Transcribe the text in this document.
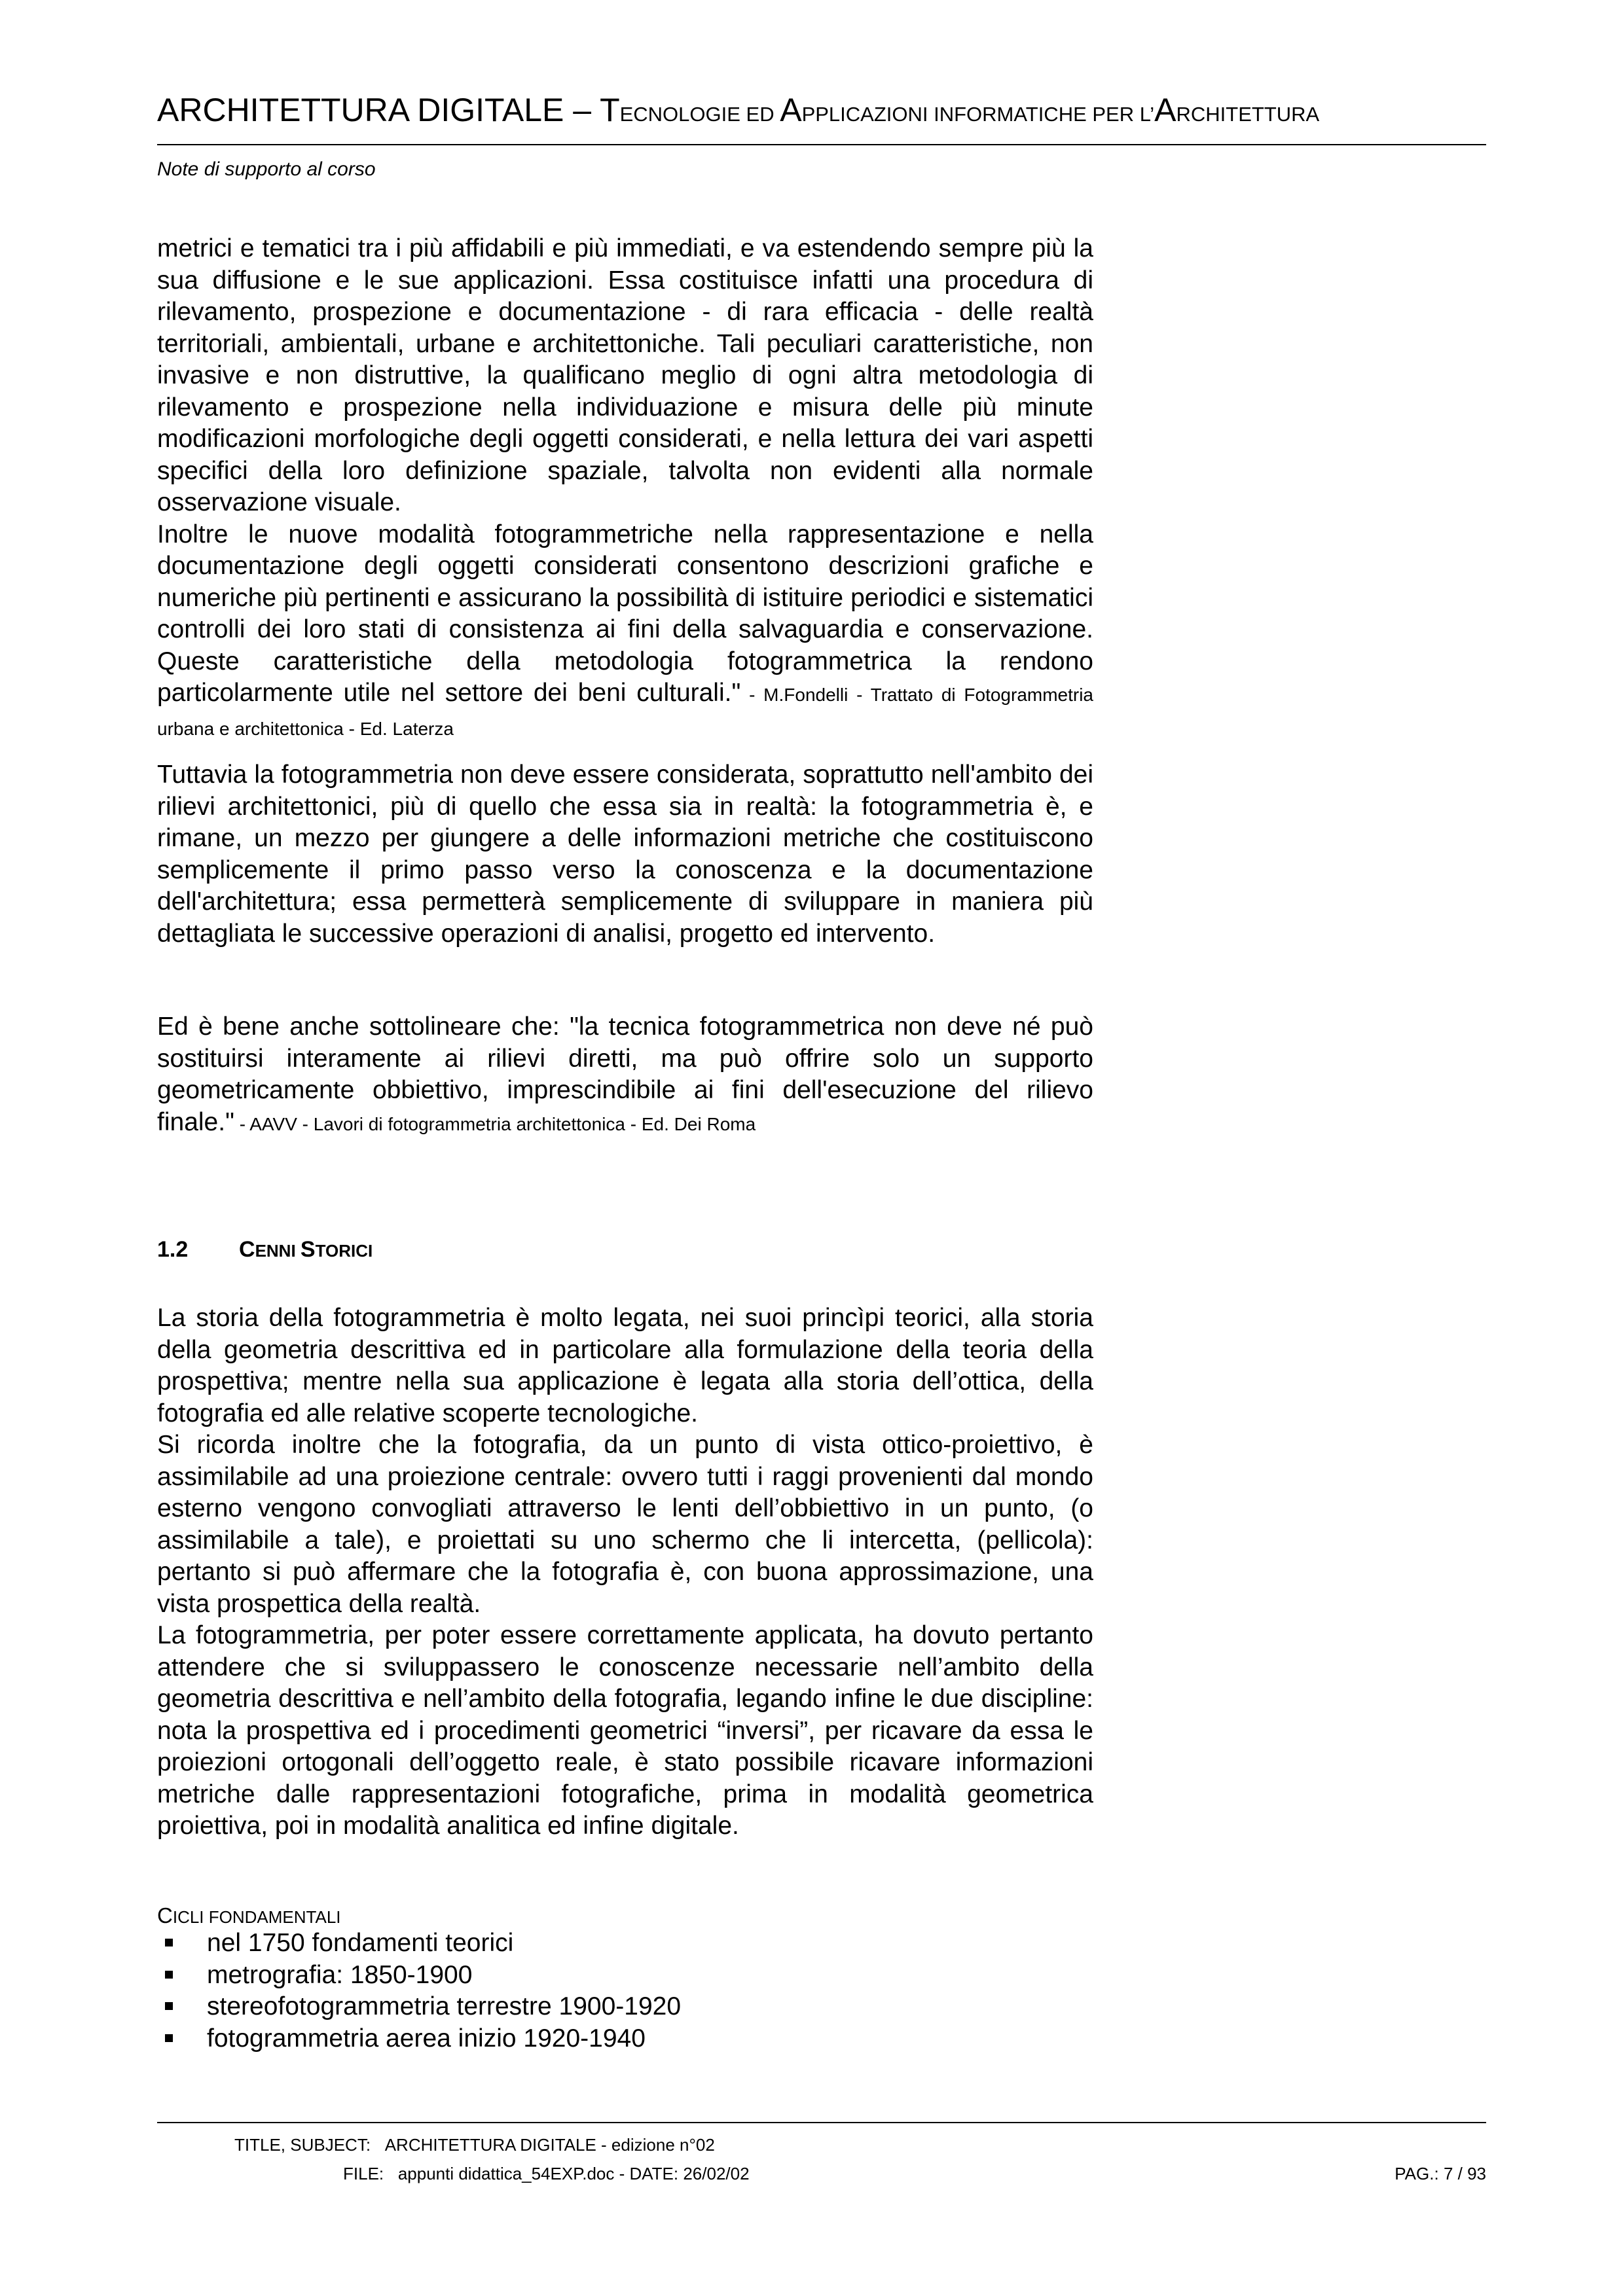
ARCHITETTURA DIGITALE – TECNOLOGIE ED APPLICAZIONI INFORMATICHE PER L’ARCHITETTURA
Note di supporto al corso

metrici e tematici tra i più affidabili e più immediati, e va estendendo sempre più la sua diffusione e le sue applicazioni. Essa costituisce infatti una procedura di rilevamento, prospezione e documentazione - di rara efficacia - delle realtà territoriali, ambientali, urbane e architettoniche. Tali peculiari caratteristiche, non invasive e non distruttive, la qualificano meglio di ogni altra metodologia di rilevamento e prospezione nella individuazione e misura delle più minute modificazioni morfologiche degli oggetti considerati, e nella lettura dei vari aspetti specifici della loro definizione spaziale, talvolta non evidenti alla normale osservazione visuale.

Inoltre le nuove modalità fotogrammetriche nella rappresentazione e nella documentazione degli oggetti considerati consentono descrizioni grafiche e numeriche più pertinenti e assicurano la possibilità di istituire periodici e sistematici controlli dei loro stati di consistenza ai fini della salvaguardia e conservazione. Queste caratteristiche della metodologia fotogrammetrica la rendono particolarmente utile nel settore dei beni culturali." - M.Fondelli - Trattato di Fotogrammetria urbana e architettonica - Ed. Laterza

Tuttavia la fotogrammetria non deve essere considerata, soprattutto nell'ambito dei rilievi architettonici, più di quello che essa sia in realtà: la fotogrammetria è, e rimane, un mezzo per giungere a delle informazioni metriche che costituiscono semplicemente il primo passo verso la conoscenza e la documentazione dell'architettura; essa permetterà semplicemente di sviluppare in maniera più dettagliata le successive operazioni di analisi, progetto ed intervento.

Ed è bene anche sottolineare che: "la tecnica fotogrammetrica non deve né può sostituirsi interamente ai rilievi diretti, ma può offrire solo un supporto geometricamente obbiettivo, imprescindibile ai fini dell'esecuzione del rilievo finale." - AAVV - Lavori di fotogrammetria architettonica - Ed. Dei Roma

1.2 CENNI STORICI

La storia della fotogrammetria è molto legata, nei suoi princìpi teorici, alla storia della geometria descrittiva ed in particolare alla formulazione della teoria della prospettiva; mentre nella sua applicazione è legata alla storia dell’ottica, della fotografia ed alle relative scoperte tecnologiche.

Si ricorda inoltre che la fotografia, da un punto di vista ottico-proiettivo, è assimilabile ad una proiezione centrale: ovvero tutti i raggi provenienti dal mondo esterno vengono convogliati attraverso le lenti dell’obbiettivo in un punto, (o assimilabile a tale), e proiettati su uno schermo che li intercetta, (pellicola): pertanto si può affermare che la fotografia è, con buona approssimazione, una vista prospettica della realtà.

La fotogrammetria, per poter essere correttamente applicata, ha dovuto pertanto attendere che si sviluppassero le conoscenze necessarie nell’ambito della geometria descrittiva e nell’ambito della fotografia, legando infine le due discipline: nota la prospettiva ed i procedimenti geometrici “inversi”, per ricavare da essa le proiezioni ortogonali dell’oggetto reale, è stato possibile ricavare informazioni metriche dalle rappresentazioni fotografiche, prima in modalità geometrica proiettiva, poi in modalità analitica ed infine digitale.

CICLI FONDAMENTALI
nel 1750 fondamenti teorici
metrografia: 1850-1900
stereofotogrammetria terrestre 1900-1920
fotogrammetria aerea inizio 1920-1940
TITLE, SUBJECT: ARCHITETTURA DIGITALE - edizione n°02
FILE: appunti didattica_54EXP.doc - DATE: 26/02/02	PAG.: 7 / 93
